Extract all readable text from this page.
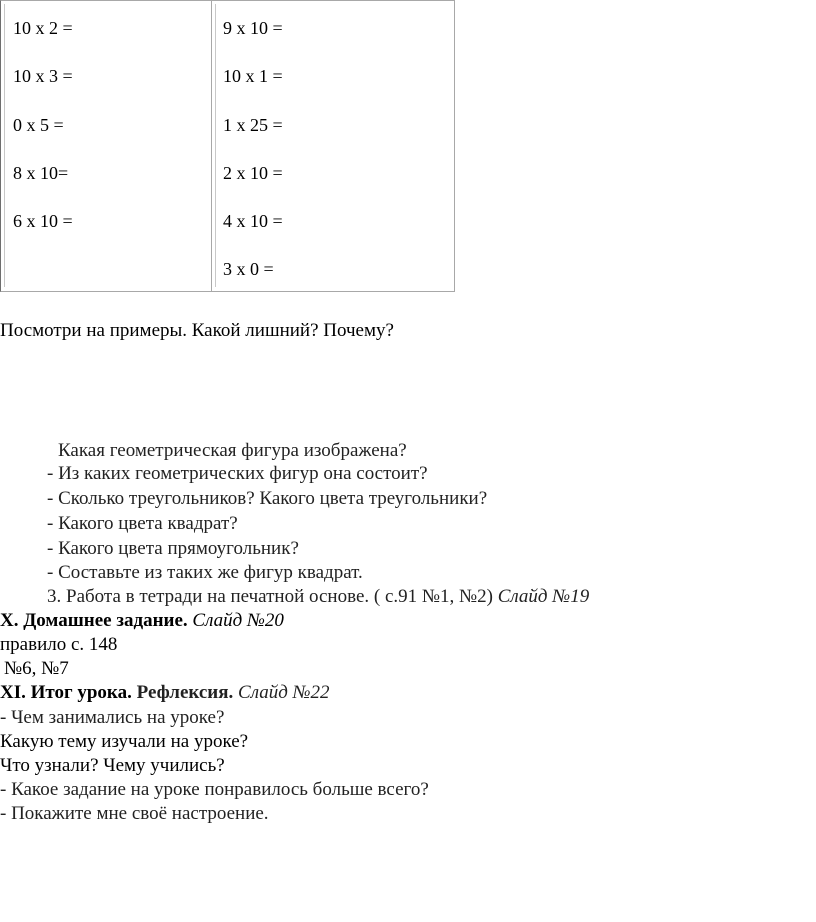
10 x 2 =
10 x 3 =
0 x 5 =
8 x 10=
6 x 10 =
9 x 10 =
10 x 1 =
1 x 25 =
2 x 10 =
4 x 10 =
3 x 0 =
Посмотри на примеры. Какой лишний? Почему?
Какая геометрическая фигура изображена?
- Из каких геометрических фигур она состоит?
- Сколько треугольников? Какого цвета треугольники?
- Какого цвета квадрат?
- Какого цвета прямоугольник?
- Составьте из таких же фигур квадрат.
3. Работа в тетради на печатной основе. ( с.91 №1, №2) Слайд №19
X. Домашнее задание. Слайд №20
правило с. 148
№6, №7
XI. Итог урока. Рефлексия. Слайд №22
- Чем занимались на уроке?
Какую тему изучали на уроке?
Что узнали? Чему учились?
- Какое задание на уроке понравилось больше всего?
- Покажите мне своё настроение.
